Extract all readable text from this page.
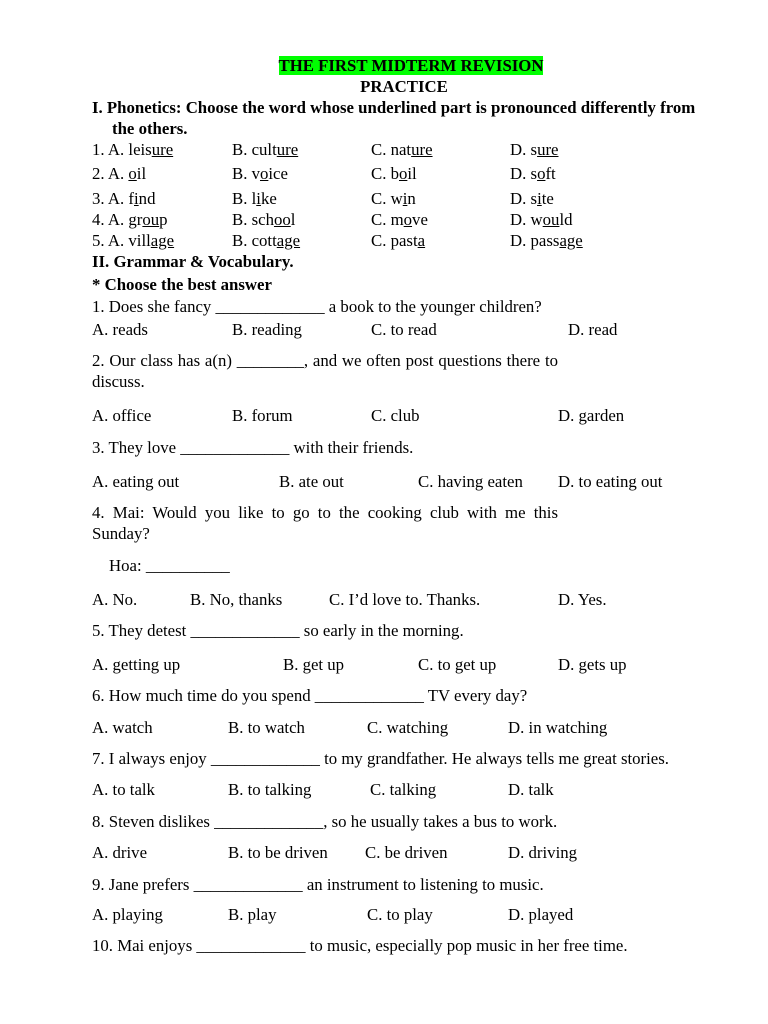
THE FIRST MIDTERM REVISION
PRACTICE
I. Phonetics: Choose the word whose underlined part is pronounced differently from the others.
1. A. leisure	B. culture	C. nature	D. sure
2. A. oil	B. voice	C. boil	D. soft
3. A. find	B. like	C. win	D. site
4. A. group	B. school	C. move	D. would
5. A. village	B. cottage	C. pasta	D. passage
II. Grammar & Vocabulary.
* Choose the best answer
1. Does she fancy _____________ a book to the younger children?
A. reads	B. reading	C. to read	D. read
2. Our class has a(n) ________, and we often post questions there to discuss.
A. office	B. forum	C. club	D. garden
3. They love _____________ with their friends.
A. eating out	B. ate out	C. having eaten D. to eating out
4. Mai: Would you like to go to the cooking club with me this Sunday?
Hoa: __________
A. No.	B. No, thanks	C. I’d love to. Thanks.	D. Yes.
5. They detest _____________ so early in the morning.
A. getting up	B. get up	C. to get up	D. gets up
6. How much time do you spend _____________ TV every day?
A. watch	B. to watch	C. watching	D. in watching
7. I always enjoy _____________ to my grandfather. He always tells me great stories.
A. to talk	B. to talking	C. talking	D. talk
8. Steven dislikes _____________, so he usually takes a bus to work.
A. drive	B. to be driven C. be driven	D. driving
9. Jane prefers _____________ an instrument to listening to music.
A. playing	B. play	C. to play	D. played
10. Mai enjoys _____________ to music, especially pop music in her free time.
